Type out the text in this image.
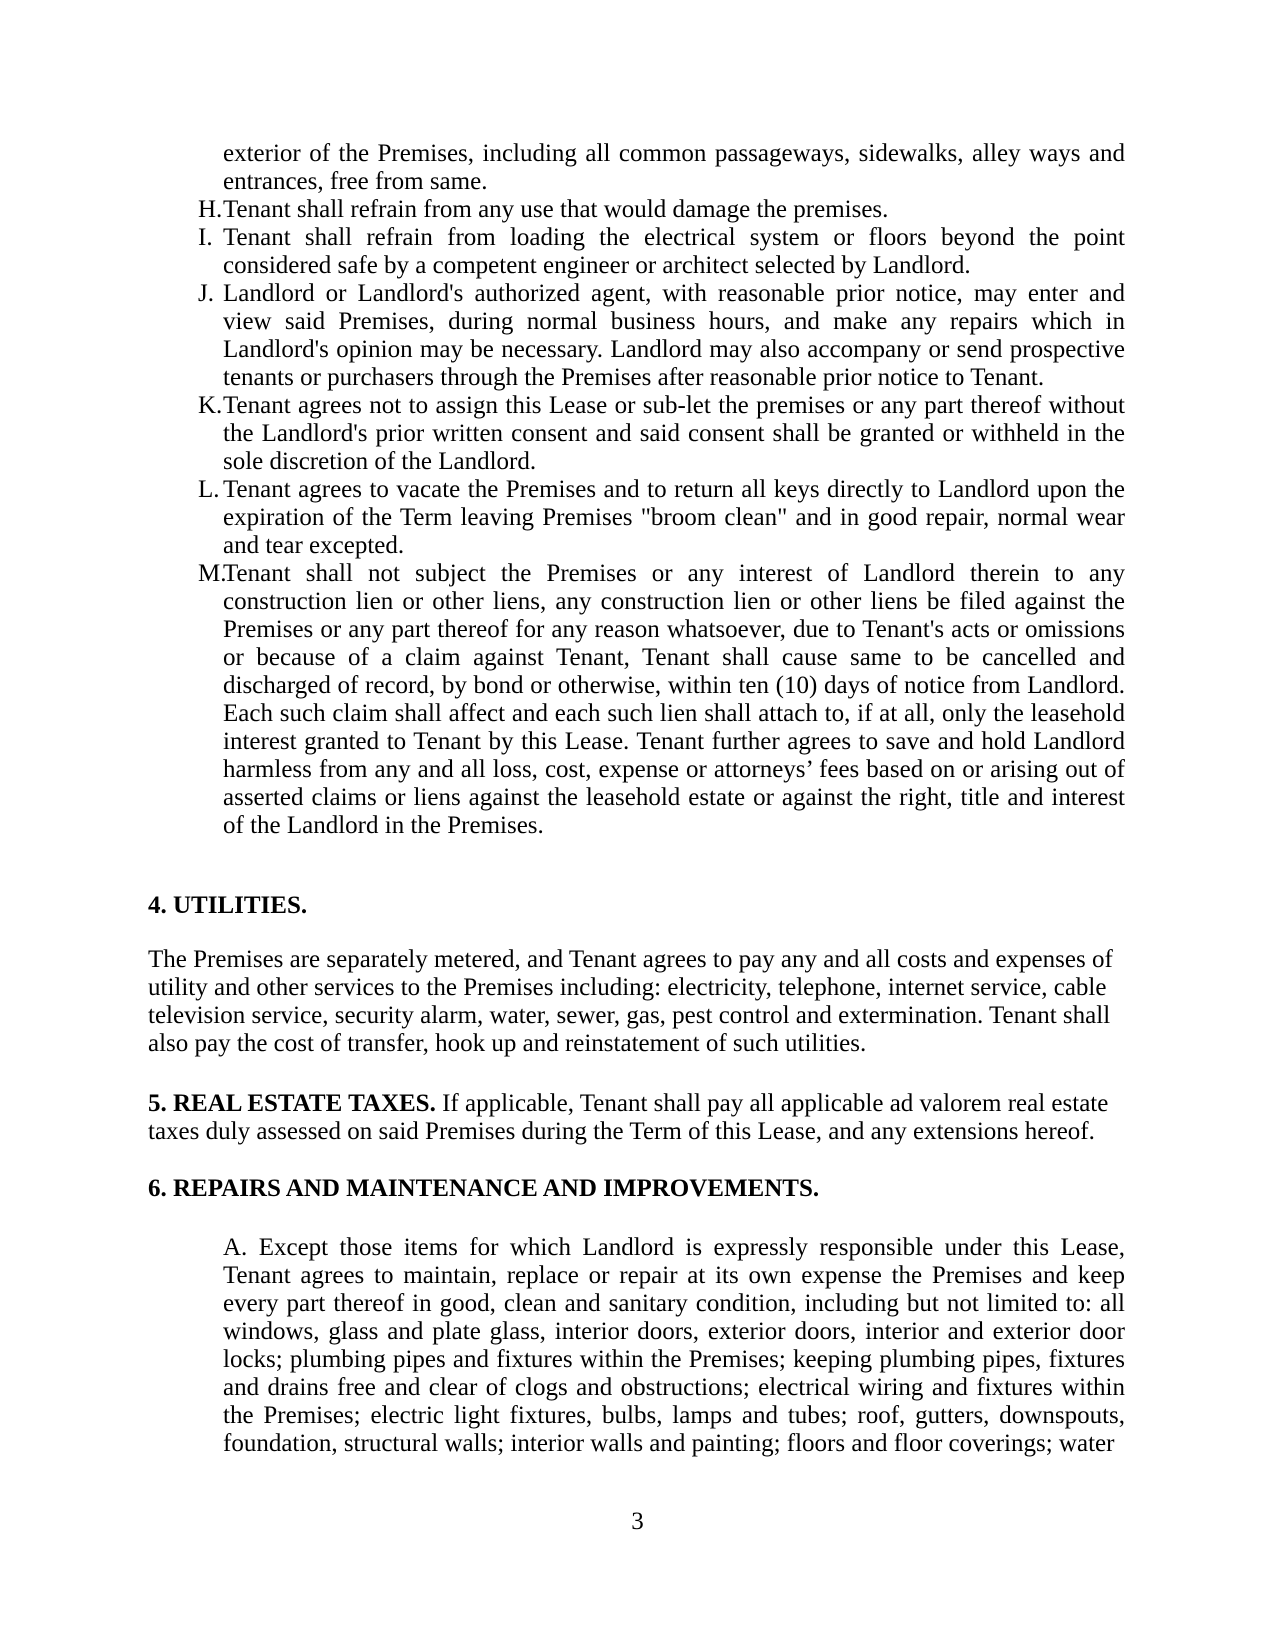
exterior of the Premises, including all common passageways, sidewalks, alley ways and entrances, free from same.

H. Tenant shall refrain from any use that would damage the premises.
I. Tenant shall refrain from loading the electrical system or floors beyond the point considered safe by a competent engineer or architect selected by Landlord.
J. Landlord or Landlord's authorized agent, with reasonable prior notice, may enter and view said Premises, during normal business hours, and make any repairs which in Landlord's opinion may be necessary. Landlord may also accompany or send prospective tenants or purchasers through the Premises after reasonable prior notice to Tenant.
K. Tenant agrees not to assign this Lease or sub-let the premises or any part thereof without the Landlord's prior written consent and said consent shall be granted or withheld in the sole discretion of the Landlord.
L. Tenant agrees to vacate the Premises and to return all keys directly to Landlord upon the expiration of the Term leaving Premises "broom clean" and in good repair, normal wear and tear excepted.
M.
Tenant shall not subject the Premises or any interest of Landlord therein to any construction lien or other liens, any construction lien or other liens be filed against the Premises or any part thereof for any reason whatsoever, due to Tenant's acts or omissions or because of a claim against Tenant, Tenant shall cause same to be cancelled and discharged of record, by bond or otherwise, within ten (10) days of notice from Landlord. Each such claim shall affect and each such lien shall attach to, if at all, only the leasehold interest granted to Tenant by this Lease. Tenant further agrees to save and hold Landlord harmless from any and all loss, cost, expense or attorneys’ fees based on or arising out of asserted claims or liens against the leasehold estate or against the right, title and interest of the Landlord in the Premises.

4. UTILITIES.

The Premises are separately metered, and Tenant agrees to pay any and all costs and expenses of utility and other services to the Premises including: electricity, telephone, internet service, cable television service, security alarm, water, sewer, gas, pest control and extermination. Tenant shall also pay the cost of transfer, hook up and reinstatement of such utilities.

5. REAL ESTATE TAXES. If applicable, Tenant shall pay all applicable ad valorem real estate taxes duly assessed on said Premises during the Term of this Lease, and any extensions hereof.

6. REPAIRS AND MAINTENANCE AND IMPROVEMENTS.

A. Except those items for which Landlord is expressly responsible under this Lease, Tenant agrees to maintain, replace or repair at its own expense the Premises and keep every part thereof in good, clean and sanitary condition, including but not limited to: all windows, glass and plate glass, interior doors, exterior doors, interior and exterior door locks; plumbing pipes and fixtures within the Premises; keeping plumbing pipes, fixtures and drains free and clear of clogs and obstructions; electrical wiring and fixtures within the Premises; electric light fixtures, bulbs, lamps and tubes; roof, gutters, downspouts, foundation, structural walls; interior walls and painting; floors and floor coverings; water

3
